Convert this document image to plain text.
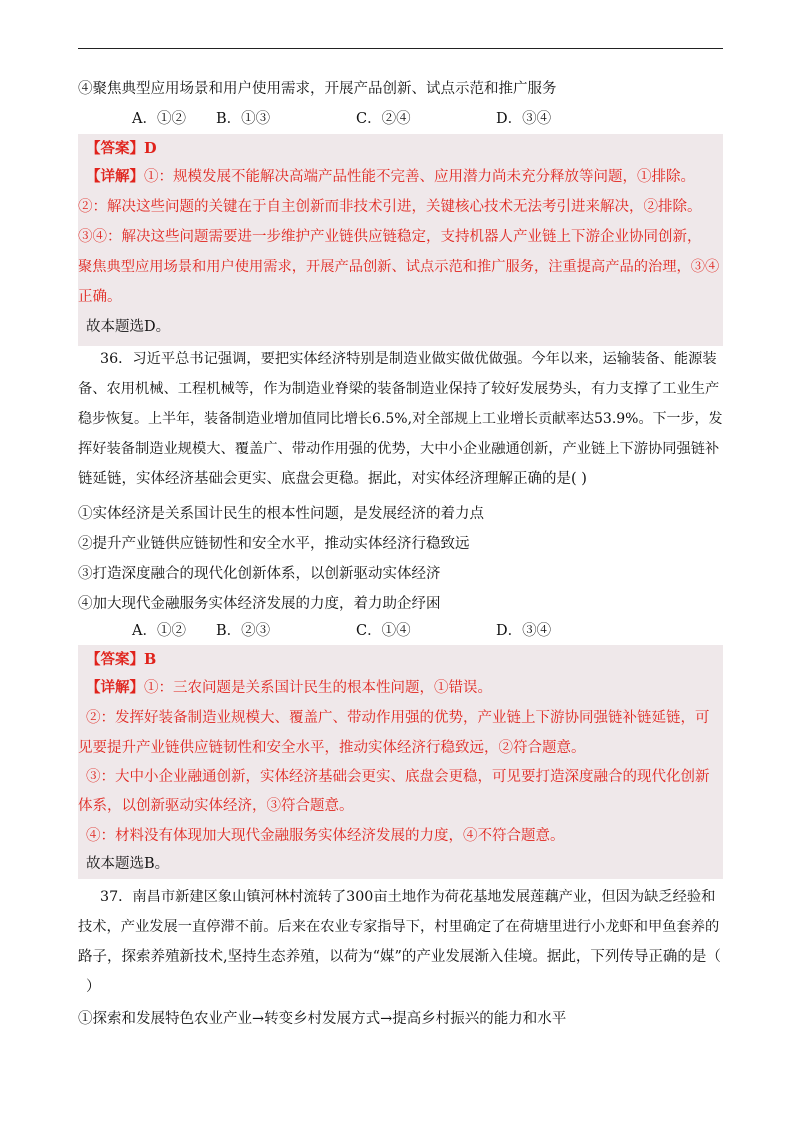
④聚焦典型应用场景和用户使用需求，开展产品创新、试点示范和推广服务
A．①② B．①③	C．②④	D．③④
【答案】D
【详解】①：规模发展不能解决高端产品性能不完善、应用潜力尚未充分释放等问题，①排除。
②：解决这些问题的关键在于自主创新而非技术引进，关键核心技术无法考引进来解决，②排除。
③④：解决这些问题需要进一步维护产业链供应链稳定，支持机器人产业链上下游企业协同创新，
聚焦典型应用场景和用户使用需求，开展产品创新、试点示范和推广服务，注重提高产品的治理，③④
正确。
故本题选D。
36．习近平总书记强调，要把实体经济特别是制造业做实做优做强。今年以来，运输装备、能源装
备、农用机械、工程机械等，作为制造业脊梁的装备制造业保持了较好发展势头，有力支撑了工业生产
稳步恢复。上半年，装备制造业增加值同比增长6.5%,对全部规上工业增长贡献率达53.9%。下一步，发
挥好装备制造业规模大、覆盖广、带动作用强的优势，大中小企业融通创新，产业链上下游协同强链补
链延链，实体经济基础会更实、底盘会更稳。据此，对实体经济理解正确的是( )
①实体经济是关系国计民生的根本性问题，是发展经济的着力点
②提升产业链供应链韧性和安全水平，推动实体经济行稳致远
③打造深度融合的现代化创新体系，以创新驱动实体经济
④加大现代金融服务实体经济发展的力度，着力助企纾困
A．①② B．②③	C．①④	D．③④
【答案】B
【详解】①：三农问题是关系国计民生的根本性问题，①错误。
②：发挥好装备制造业规模大、覆盖广、带动作用强的优势，产业链上下游协同强链补链延链，可
见要提升产业链供应链韧性和安全水平，推动实体经济行稳致远，②符合题意。
③：大中小企业融通创新，实体经济基础会更实、底盘会更稳，可见要打造深度融合的现代化创新
体系，以创新驱动实体经济，③符合题意。
④：材料没有体现加大现代金融服务实体经济发展的力度，④不符合题意。
故本题选B。
37．南昌市新建区象山镇河林村流转了300亩土地作为荷花基地发展莲藕产业，但因为缺乏经验和
技术，产业发展一直停滞不前。后来在农业专家指导下，村里确定了在荷塘里进行小龙虾和甲鱼套养的
路子，探索养殖新技术,坚持生态养殖，以荷为“媒”的产业发展渐入佳境。据此，下列传导正确的是（
）
①探索和发展特色农业产业→转变乡村发展方式→提高乡村振兴的能力和水平
